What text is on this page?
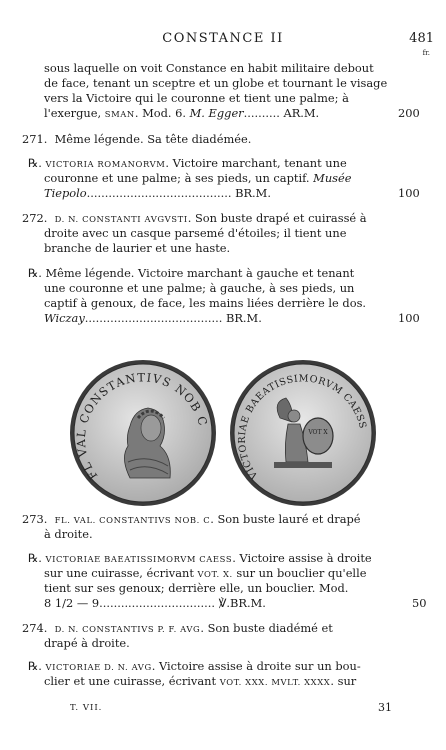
CONSTANCE II	481
fr.
sous laquelle on voit Constance en habit militaire debout
de face, tenant un sceptre et un globe et tournant le visage
vers la Victoire qui le couronne et tient une palme; à
l'exergue, SMAN. Mod. 6. M. Egger.......... AR.M.	200
271.  Même légende. Sa tête diadémée.
℞. VICTORIA ROMANORVM. Victoire marchant, tenant une
couronne et une palme; à ses pieds, un captif. Musée
Tiepolo........................................ BR.M.	100
272. D. N. CONSTANTI AVGVSTI. Son buste drapé et cuirassé à
droite avec un casque parsemé d'étoiles; il tient une
branche de laurier et une haste.
℞. Même légende. Victoire marchant à gauche et tenant
une couronne et une palme; à gauche, à ses pieds, un
captif à genoux, de face, les mains liées derrière le dos.
Wiczay...................................... BR.M.	100
FL VAL CONSTANTIVS NOB C
VICTORIAE BAEATISSIMORVM CAESS
VOT X
273. FL. VAL. CONSTANTIVS NOB. C. Son buste lauré et drapé
à droite.
℞. VICTORIAE BAEATISSIMORVM CAESS. Victoire assise à droite
sur une cuirasse, écrivant VOT. X. sur un bouclier qu'elle
tient sur ses genoux; derrière elle, un bouclier. Mod.
8 1/2 — 9................................ ℣.BR.M.	50
274. D. N. CONSTANTIVS P. F. AVG. Son buste diadémé et
drapé à droite.
℞. VICTORIAE D. N. AVG. Victoire assise à droite sur un bou-
clier et une cuirasse, écrivant VOT. XXX. MVLT. XXXX. sur
T. VII.	31
